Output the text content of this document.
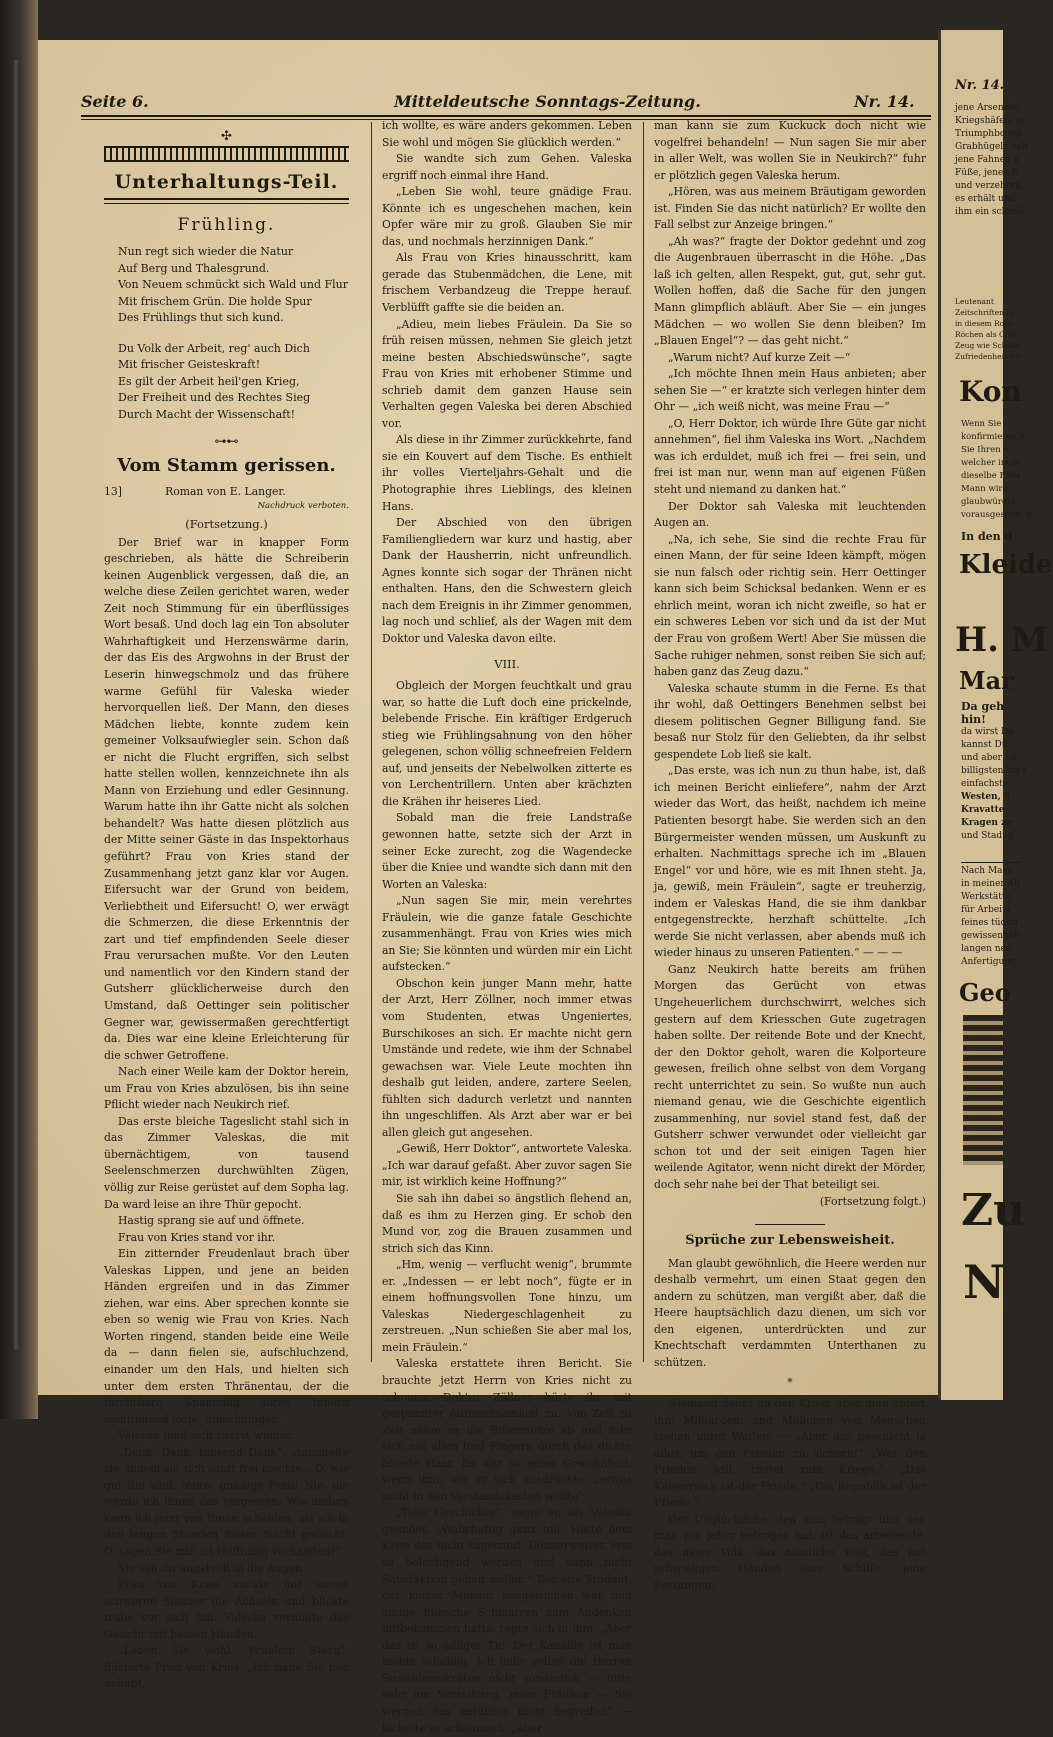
Seite 6.	Mitteldeutsche Sonntags-Zeitung.	Nr. 14.
✣
Unterhaltungs-Teil.
Frühling.
Nun regt sich wieder die Natur
Auf Berg und Thalesgrund.
Von Neuem schmückt sich Wald und Flur
Mit frischem Grün. Die holde Spur
Des Frühlings thut sich kund.
Du Volk der Arbeit, reg' auch Dich
Mit frischer Geisteskraft!
Es gilt der Arbeit heil'gen Krieg,
Der Freiheit und des Rechtes Sieg
Durch Macht der Wissenschaft!
⊶⊷
Vom Stamm gerissen.
13]	Roman von E. Langer.
Nachdruck verboten.
(Fortsetzung.)

Der Brief war in knapper Form geschrieben, als hätte die Schreiberin keinen Augenblick vergessen, daß die, an welche diese Zeilen gerichtet waren, weder Zeit noch Stimmung für ein überflüssiges Wort besaß. Und doch lag ein Ton absoluter Wahrhaftigkeit und Herzenswärme darin, der das Eis des Argwohns in der Brust der Leserin hinwegschmolz und das frühere warme Gefühl für Valeska wieder hervorquellen ließ. Der Mann, den dieses Mädchen liebte, konnte zudem kein gemeiner Volksaufwiegler sein. Schon daß er nicht die Flucht ergriffen, sich selbst hatte stellen wollen, kennzeichnete ihn als Mann von Erziehung und edler Gesinnung. Warum hatte ihn ihr Gatte nicht als solchen behandelt? Was hatte diesen plötzlich aus der Mitte seiner Gäste in das Inspektorhaus geführt? Frau von Kries stand der Zusammenhang jetzt ganz klar vor Augen. Eifersucht war der Grund von beidem, Verliebtheit und Eifersucht! O, wer erwägt die Schmerzen, die diese Erkenntnis der zart und tief empfindenden Seele dieser Frau verursachen mußte. Vor den Leuten und namentlich vor den Kindern stand der Gutsherr glücklicherweise durch den Umstand, daß Oettinger sein politischer Gegner war, gewissermaßen gerechtfertigt da. Dies war eine kleine Erleichterung für die schwer Getroffene.

Nach einer Weile kam der Doktor herein, um Frau von Kries abzulösen, bis ihn seine Pflicht wieder nach Neukirch rief.

Das erste bleiche Tageslicht stahl sich in das Zimmer Valeskas, die mit übernächtigem, von tausend Seelenschmerzen durchwühlten Zügen, völlig zur Reise gerüstet auf dem Sopha lag. Da ward leise an ihre Thür gepocht.

Hastig sprang sie auf und öffnete.

Frau von Kries stand vor ihr.

Ein zitternder Freudenlaut brach über Valeskas Lippen, und jene an beiden Händen ergreifen und in das Zimmer ziehen, war eins. Aber sprechen konnte sie eben so wenig wie Frau von Kries. Nach Worten ringend, standen beide eine Weile da — dann fielen sie, aufschluchzend, einander um den Hals, und hielten sich unter dem ersten Thränentau, der die furchtbare Spannung ihres Innern wohlthuend löste, umschlungen.

Valeska fand sich zuerst wieder.

„Dank, Dank, tausend Dank“, stammelte sie, indem sie sich sanft frei machte. „O, wie gut Sie sind, teure, gnädige Frau! Nie, nie werde ich Ihnen das vergessen. Wie anders kann ich jetzt von Ihnen scheiden, als ich in den langen Stunden dieser Nacht gedacht. O, sagen Sie mir, ist Hoffnung vorhanden?“

Sie sah ihr angstvoll in die Augen.

Frau von Kries zuckte mit einem schweren Seufzer die Achseln und blickte trübe vor sich hin. Valeska verhüllte das Gesicht mit beiden Händen.

„Leben Sie wohl, Fräulein Stern“, flüsterte Frau von Kries. „Ich habe Sie lieb gehabt,

ich wollte, es wäre anders gekommen. Leben Sie wohl und mögen Sie glücklich werden.“

Sie wandte sich zum Gehen. Valeska ergriff noch einmal ihre Hand.

„Leben Sie wohl, teure gnädige Frau. Könnte ich es ungeschehen machen, kein Opfer wäre mir zu groß. Glauben Sie mir das, und nochmals herzinnigen Dank.“

Als Frau von Kries hinausschritt, kam gerade das Stubenmädchen, die Lene, mit frischem Verbandzeug die Treppe herauf. Verblüfft gaffte sie die beiden an.

„Adieu, mein liebes Fräulein. Da Sie so früh reisen müssen, nehmen Sie gleich jetzt meine besten Abschiedswünsche“, sagte Frau von Kries mit erhobener Stimme und schrieb damit dem ganzen Hause sein Verhalten gegen Valeska bei deren Abschied vor.

Als diese in ihr Zimmer zurückkehrte, fand sie ein Kouvert auf dem Tische. Es enthielt ihr volles Vierteljahrs-Gehalt und die Photographie ihres Lieblings, des kleinen Hans.

Der Abschied von den übrigen Familiengliedern war kurz und hastig, aber Dank der Hausherrin, nicht unfreundlich. Agnes konnte sich sogar der Thränen nicht enthalten. Hans, den die Schwestern gleich nach dem Ereignis in ihr Zimmer genommen, lag noch und schlief, als der Wagen mit dem Doktor und Valeska davon eilte.

VIII.

Obgleich der Morgen feuchtkalt und grau war, so hatte die Luft doch eine prickelnde, belebende Frische. Ein kräftiger Erdgeruch stieg wie Frühlingsahnung von den höher gelegenen, schon völlig schneefreien Feldern auf, und jenseits der Nebelwolken zitterte es von Lerchentrillern. Unten aber krächzten die Krähen ihr heiseres Lied.

Sobald man die freie Landstraße gewonnen hatte, setzte sich der Arzt in seiner Ecke zurecht, zog die Wagendecke über die Kniee und wandte sich dann mit den Worten an Valeska:

„Nun sagen Sie mir, mein verehrtes Fräulein, wie die ganze fatale Geschichte zusammenhängt. Frau von Kries wies mich an Sie; Sie könnten und würden mir ein Licht aufstecken.“

Obschon kein junger Mann mehr, hatte der Arzt, Herr Zöllner, noch immer etwas vom Studenten, etwas Ungeniertes, Burschikoses an sich. Er machte nicht gern Umstände und redete, wie ihm der Schnabel gewachsen war. Viele Leute mochten ihn deshalb gut leiden, andere, zartere Seelen, fühlten sich dadurch verletzt und nannten ihn ungeschliffen. Als Arzt aber war er bei allen gleich gut angesehen.

„Gewiß, Herr Doktor“, antwortete Valeska. „Ich war darauf gefaßt. Aber zuvor sagen Sie mir, ist wirklich keine Hoffnung?“

Sie sah ihn dabei so ängstlich flehend an, daß es ihm zu Herzen ging. Er schob den Mund vor, zog die Brauen zusammen und strich sich das Kinn.

„Hm, wenig — verflucht wenig“, brummte er. „Indessen — er lebt noch“, fügte er in einem hoffnungsvollen Tone hinzu, um Valeskas Niedergeschlagenheit zu zerstreuen. „Nun schießen Sie aber mal los, mein Fräulein.“

Valeska erstattete ihren Bericht. Sie brauchte jetzt Herrn von Kries nicht zu schonen. Doktor Zöllner hörte ihr mit gespannter Aufmerksamkeit zu. Von Zeit zu Zeit nahm er die Bibermütze ab und fuhr sich mit allen fünf Fingern durch das dichte blonde Haar. Es war so seine Gewohnheit, wenn ihm, wie er sich ausdrückte, „etwas nicht in den Verstandskasten wollte“.

„Tolle Geschichte“, sagte er, als Valeska geendet. „Wahrhaftig ganz toll. Hätte dem Kries das nicht zugetraut. Donnerwetter, erst so beleidigend werden und dann nicht Satisfaktion geben wollen.“ Der alte Student, der keiner Mensur ausgewichen war und einige hübsche Schmarren zum Andenken mitbekommen hatte, regte sich in ihm. „Aber das ist so adliger Tic. Der Kanaille ist man nichts schuldig. Ich liebe selbst die Herren Sozialdemokraten nicht sonderlich — bitte sehr um Verzeihung, mein Fräulein — Sie werden das natürlich nicht begreifen“ — lächelte er schelmisch, „aber

man kann sie zum Kuckuck doch nicht wie vogelfrei behandeln! — Nun sagen Sie mir aber in aller Welt, was wollen Sie in Neukirch?“ fuhr er plötzlich gegen Valeska herum.

„Hören, was aus meinem Bräutigam geworden ist. Finden Sie das nicht natürlich? Er wollte den Fall selbst zur Anzeige bringen.“

„Ah was?“ fragte der Doktor gedehnt und zog die Augenbrauen überrascht in die Höhe. „Das laß ich gelten, allen Respekt, gut, gut, sehr gut. Wollen hoffen, daß die Sache für den jungen Mann glimpflich abläuft. Aber Sie — ein junges Mädchen — wo wollen Sie denn bleiben? Im „Blauen Engel“? — das geht nicht.“

„Warum nicht? Auf kurze Zeit —“

„Ich möchte Ihnen mein Haus anbieten; aber sehen Sie —“ er kratzte sich verlegen hinter dem Ohr — „ich weiß nicht, was meine Frau —“

„O, Herr Doktor, ich würde Ihre Güte gar nicht annehmen“, fiel ihm Valeska ins Wort. „Nachdem was ich erduldet, muß ich frei — frei sein, und frei ist man nur, wenn man auf eigenen Füßen steht und niemand zu danken hat.“

Der Doktor sah Valeska mit leuchtenden Augen an.

„Na, ich sehe, Sie sind die rechte Frau für einen Mann, der für seine Ideen kämpft, mögen sie nun falsch oder richtig sein. Herr Oettinger kann sich beim Schicksal bedanken. Wenn er es ehrlich meint, woran ich nicht zweifle, so hat er ein schweres Leben vor sich und da ist der Mut der Frau von großem Wert! Aber Sie müssen die Sache ruhiger nehmen, sonst reiben Sie sich auf; haben ganz das Zeug dazu.“

Valeska schaute stumm in die Ferne. Es that ihr wohl, daß Oettingers Benehmen selbst bei diesem politischen Gegner Billigung fand. Sie besaß nur Stolz für den Geliebten, da ihr selbst gespendete Lob ließ sie kalt.

„Das erste, was ich nun zu thun habe, ist, daß ich meinen Bericht einliefere“, nahm der Arzt wieder das Wort, das heißt, nachdem ich meine Patienten besorgt habe. Sie werden sich an den Bürgermeister wenden müssen, um Auskunft zu erhalten. Nachmittags spreche ich im „Blauen Engel“ vor und höre, wie es mit Ihnen steht. Ja, ja, gewiß, mein Fräulein“, sagte er treuherzig, indem er Valeskas Hand, die sie ihm dankbar entgegenstreckte, herzhaft schüttelte. „Ich werde Sie nicht verlassen, aber abends muß ich wieder hinaus zu unseren Patienten.“ — — —

Ganz Neukirch hatte bereits am frühen Morgen das Gerücht von etwas Ungeheuerlichem durchschwirrt, welches sich gestern auf dem Kriesschen Gute zugetragen haben sollte. Der reitende Bote und der Knecht, der den Doktor geholt, waren die Kolporteure gewesen, freilich ohne selbst von dem Vorgang recht unterrichtet zu sein. So wußte nun auch niemand genau, wie die Geschichte eigentlich zusammenhing, nur soviel stand fest, daß der Gutsherr schwer verwundet oder vielleicht gar schon tot und der seit einigen Tagen hier weilende Agitator, wenn nicht direkt der Mörder, doch sehr nahe bei der That beteiligt sei.

(Fortsetzung folgt.)
Sprüche zur Lebensweisheit.

Man glaubt gewöhnlich, die Heere werden nur deshalb vermehrt, um einen Staat gegen den andern zu schützen, man vergißt aber, daß die Heere hauptsächlich dazu dienen, um sich vor den eigenen, unterdrückten und zur Knechtschaft verdammten Unterthanen zu schützen.

*

Niemand denkt an den Krieg, aber man opfert ihm Milliarden, und Millionen von Menschen stehen unter Waffen. — „Aber das geschieht ja alles, um den Frieden zu sichern!“ „Wer den Frieden will, rüstet zum Kriege.“ „Das Kaiserreich ist der Friede.“ „Die Republik ist der Friede.“

Der Unglückliche, den man betrügt und den man von jeher betrogen hat, ist das arbeitende, das naive Volk; das nämliche Volk, das mit schwieligen Händen jene Schiffe, jene Festungen,

Nr. 14.
jene Arsenale,
Kriegshäfen, je
Triumphbogen
Grabhügeln seh
jene Fahnen u
Füße, jenen E
und verzehren,
es erhält und
ihm ein schmäl
Leutenant
Zeitschriften in
in diesem Rock
Röchen als Civil
Zeug wie Schüler
Zufriedenheit wo
Kon
Wenn Sie
konfirmieren h
Sie Ihren n
welcher im be
dieselbe Freu
Mann wird
glaubwürdig
vorausgesetzt, d
In den d
Kleide
H. M
Mar
Da geh
hin!
da wirst Du
kannst Du
und aber 10
billigsten bis z
einfachste
Westen, S
Kravatte
Kragen ze
und Stadt g
Nach Mass
in meiner Ab
Werkstätte
für Arbeits
feines tüchti
gewissenhaft
langen nen
Anfertigung
Geo
Zu
N
